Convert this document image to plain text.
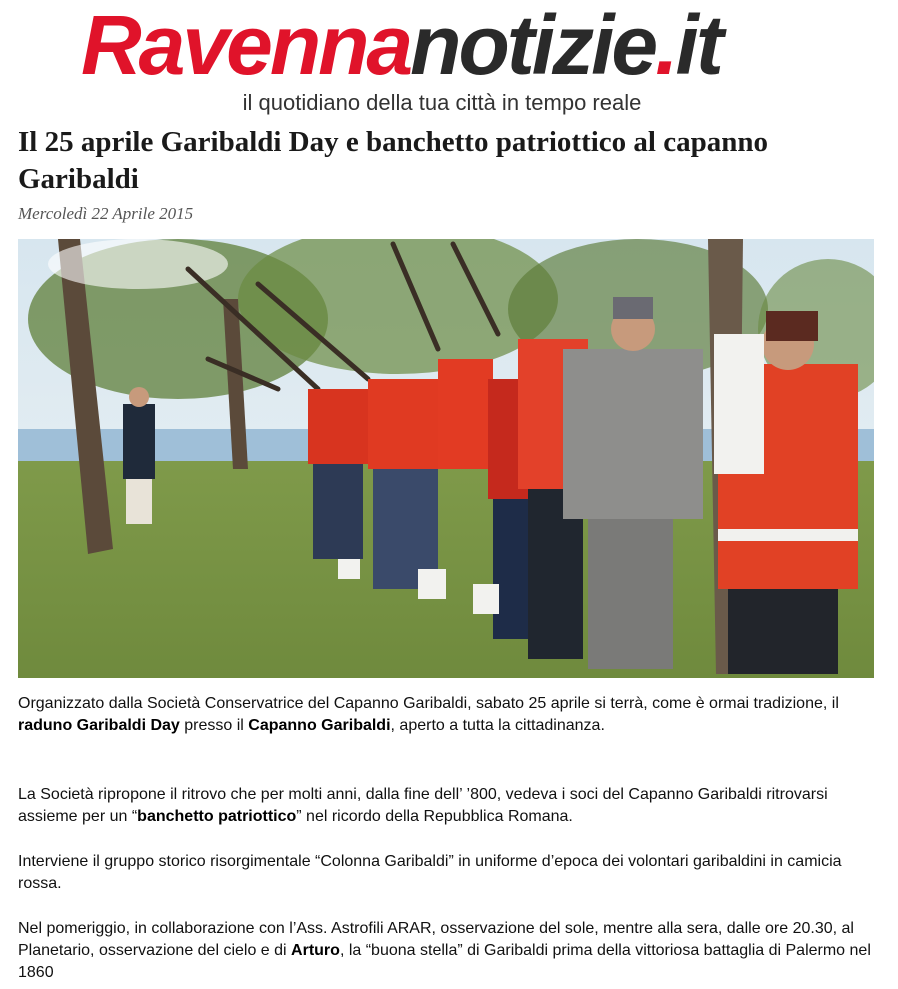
Ravennanotizie.it
il quotidiano della tua città in tempo reale
Il 25 aprile Garibaldi Day e banchetto patriottico al capanno Garibaldi
Mercoledì 22 Aprile 2015

Organizzato dalla Società Conservatrice del Capanno Garibaldi, sabato 25 aprile si terrà, come è ormai tradizione, il raduno Garibaldi Day presso il Capanno Garibaldi, aperto a tutta la cittadinanza.

La Società ripropone il ritrovo che per molti anni, dalla fine dell’ ’800, vedeva i soci del Capanno Garibaldi ritrovarsi assieme per un “banchetto patriottico” nel ricordo della Repubblica Romana.

Interviene il gruppo storico risorgimentale “Colonna Garibaldi” in uniforme d’epoca dei volontari garibaldini in camicia rossa.

Nel pomeriggio, in collaborazione con l’Ass. Astrofili ARAR, osservazione del sole, mentre alla sera, dalle ore 20.30, al Planetario, osservazione del cielo e di Arturo, la “buona stella” di Garibaldi prima della vittoriosa battaglia di Palermo nel 1860
